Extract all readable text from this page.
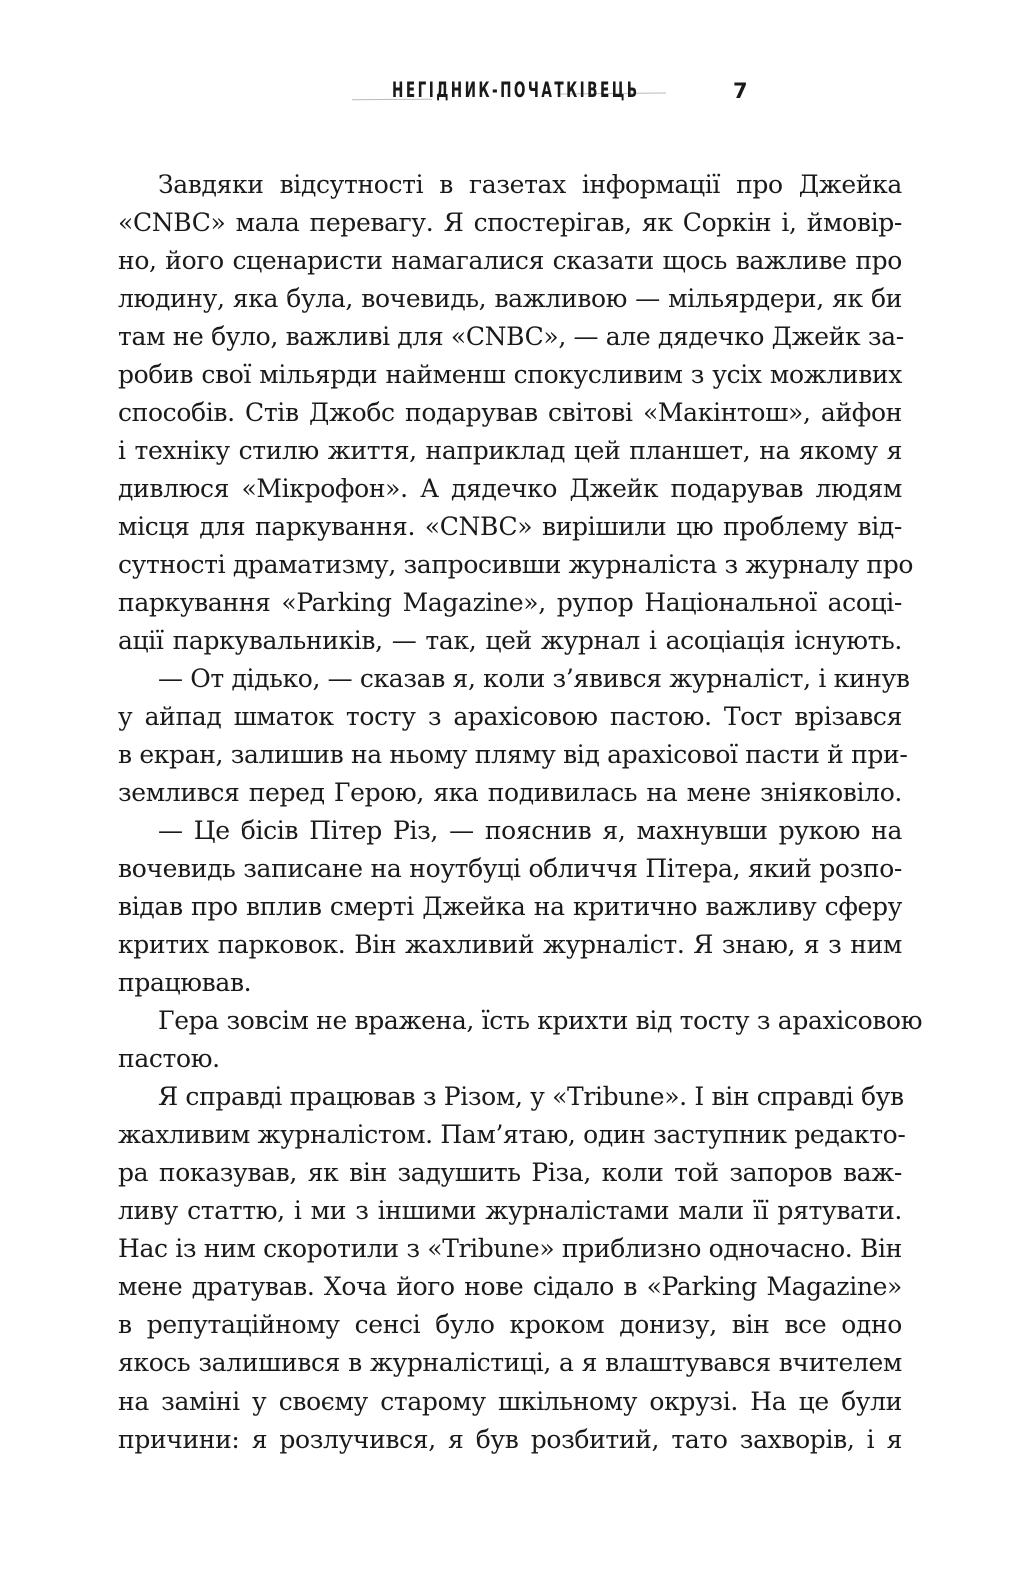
НЕГІДНИК-ПОЧАТКІВЕЦЬ	7
Завдяки відсутності в газетах інформації про Джейка
«CNBC» мала перевагу. Я спостерігав, як Соркін і, ймовір-
но, його сценаристи намагалися сказати щось важливе про
людину, яка була, вочевидь, важливою — мільярдери, як би
там не було, важливі для «CNBC», — але дядечко Джейк за-
робив свої мільярди найменш спокусливим з усіх можливих
способів. Стів Джобс подарував світові «Макінтош», айфон
і техніку стилю життя, наприклад цей планшет, на якому я
дивлюся «Мікрофон». А дядечко Джейк подарував людям
місця для паркування. «CNBC» вирішили цю проблему від-
сутності драматизму, запросивши журналіста з журналу про
паркування «Parking Magazine», рупор Національної асоці-
ації паркувальників, — так, цей журнал і асоціація існують.
— От дідько, — сказав я, коли з’явився журналіст, і кинув
у айпад шматок тосту з арахісовою пастою. Тост врізався
в екран, залишив на ньому пляму від арахісової пасти й при-
землився перед Герою, яка подивилась на мене зніяковіло.
— Це бісів Пітер Різ, — пояснив я, махнувши рукою на
вочевидь записане на ноутбуці обличчя Пітера, який розпо-
відав про вплив смерті Джейка на критично важливу сферу
критих парковок. Він жахливий журналіст. Я знаю, я з ним
працював.
Гера зовсім не вражена, їсть крихти від тосту з арахісовою
пастою.
Я справді працював з Різом, у «Tribune». І він справді був
жахливим журналістом. Пам’ятаю, один заступник редакто-
ра показував, як він задушить Різа, коли той запоров важ-
ливу статтю, і ми з іншими журналістами мали її рятувати.
Нас із ним скоротили з «Tribune» приблизно одночасно. Він
мене дратував. Хоча його нове сідало в «Parking Magazine»
в репутаційному сенсі було кроком донизу, він все одно
якось залишився в журналістиці, а я влаштувався вчителем
на заміні у своєму старому шкільному окрузі. На це були
причини: я розлучився, я був розбитий, тато захворів, і я
